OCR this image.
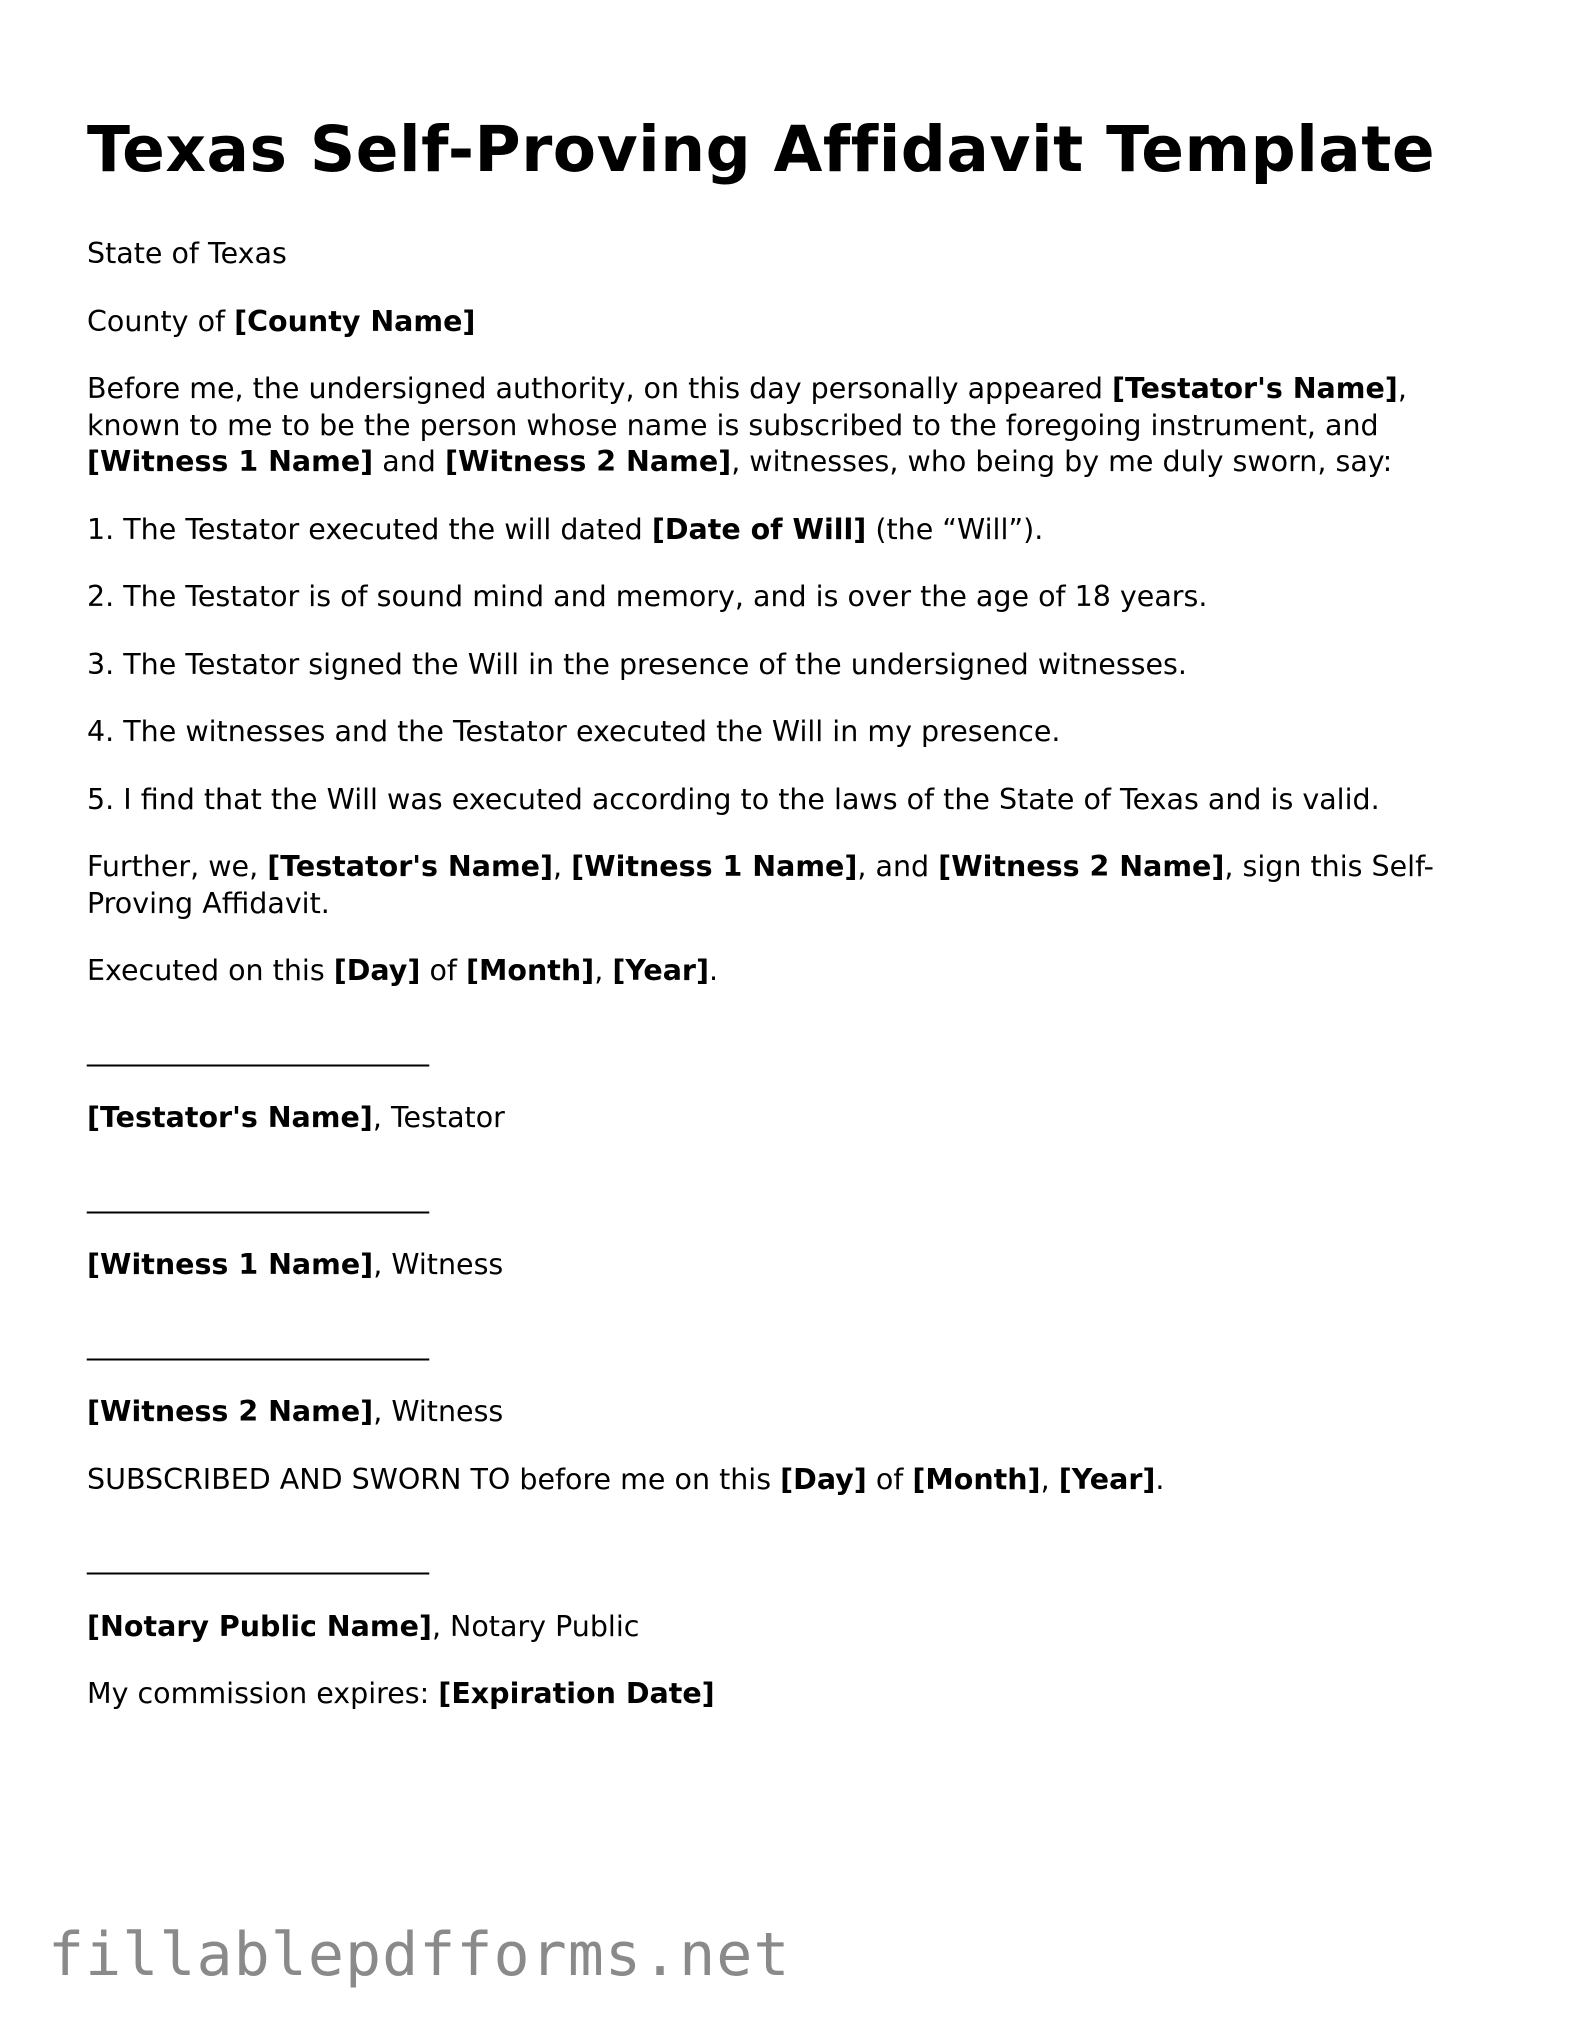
Texas Self-Proving Affidavit Template

State of Texas

County of [County Name]

Before me, the undersigned authority, on this day personally appeared [Testator's Name], known to me to be the person whose name is subscribed to the foregoing instrument, and [Witness 1 Name] and [Witness 2 Name], witnesses, who being by me duly sworn, say:

1. The Testator executed the will dated [Date of Will] (the “Will”).

2. The Testator is of sound mind and memory, and is over the age of 18 years.

3. The Testator signed the Will in the presence of the undersigned witnesses.

4. The witnesses and the Testator executed the Will in my presence.

5. I find that the Will was executed according to the laws of the State of Texas and is valid.

Further, we, [Testator's Name], [Witness 1 Name], and [Witness 2 Name], sign this Self-Proving Affidavit.

Executed on this [Day] of [Month], [Year].

________________________

[Testator's Name], Testator

________________________

[Witness 1 Name], Witness

________________________

[Witness 2 Name], Witness

SUBSCRIBED AND SWORN TO before me on this [Day] of [Month], [Year].

________________________

[Notary Public Name], Notary Public

My commission expires: [Expiration Date]

fillablepdfforms.net
